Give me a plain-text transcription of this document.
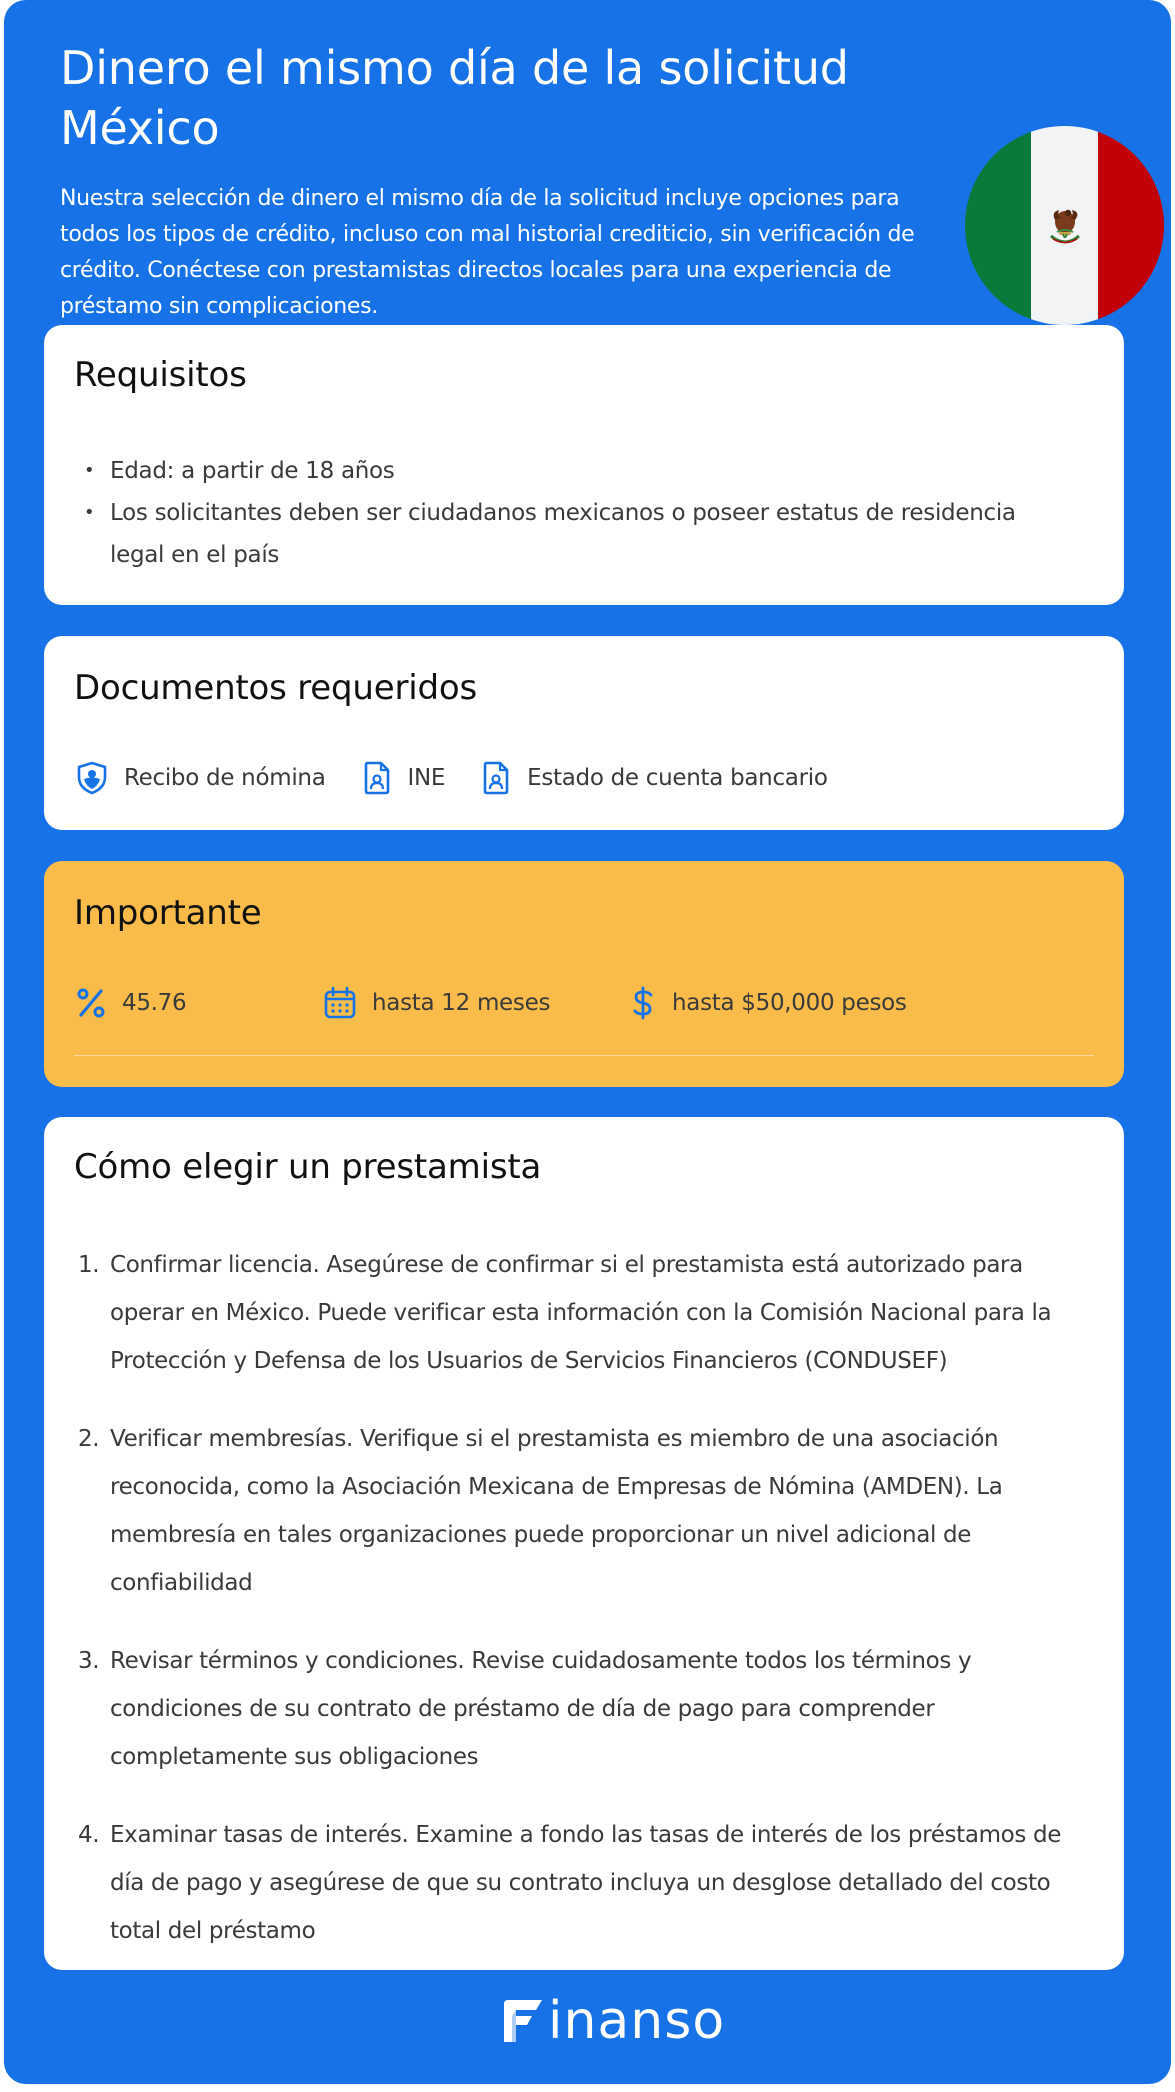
Dinero el mismo día de la solicitud
México

Nuestra selección de dinero el mismo día de la solicitud incluye opciones para todos los tipos de crédito, incluso con mal historial crediticio, sin verificación de crédito. Conéctese con prestamistas directos locales para una experiencia de préstamo sin complicaciones.

Requisitos
• Edad: a partir de 18 años
• Los solicitantes deben ser ciudadanos mexicanos o poseer estatus de residencia legal en el país
Documentos requeridos
Recibo de nómina	INE	Estado de cuenta bancario
Importante
45.76	hasta 12 meses	hasta $50,000 pesos
Cómo elegir un prestamista
1. Confirmar licencia. Asegúrese de confirmar si el prestamista está autorizado para operar en México. Puede verificar esta información con la Comisión Nacional para la Protección y Defensa de los Usuarios de Servicios Financieros (CONDUSEF)
2. Verificar membresías. Verifique si el prestamista es miembro de una asociación reconocida, como la Asociación Mexicana de Empresas de Nómina (AMDEN). La membresía en tales organizaciones puede proporcionar un nivel adicional de confiabilidad
3. Revisar términos y condiciones. Revise cuidadosamente todos los términos y condiciones de su contrato de préstamo de día de pago para comprender completamente sus obligaciones
4. Examinar tasas de interés. Examine a fondo las tasas de interés de los préstamos de día de pago y asegúrese de que su contrato incluya un desglose detallado del costo total del préstamo
inanso
